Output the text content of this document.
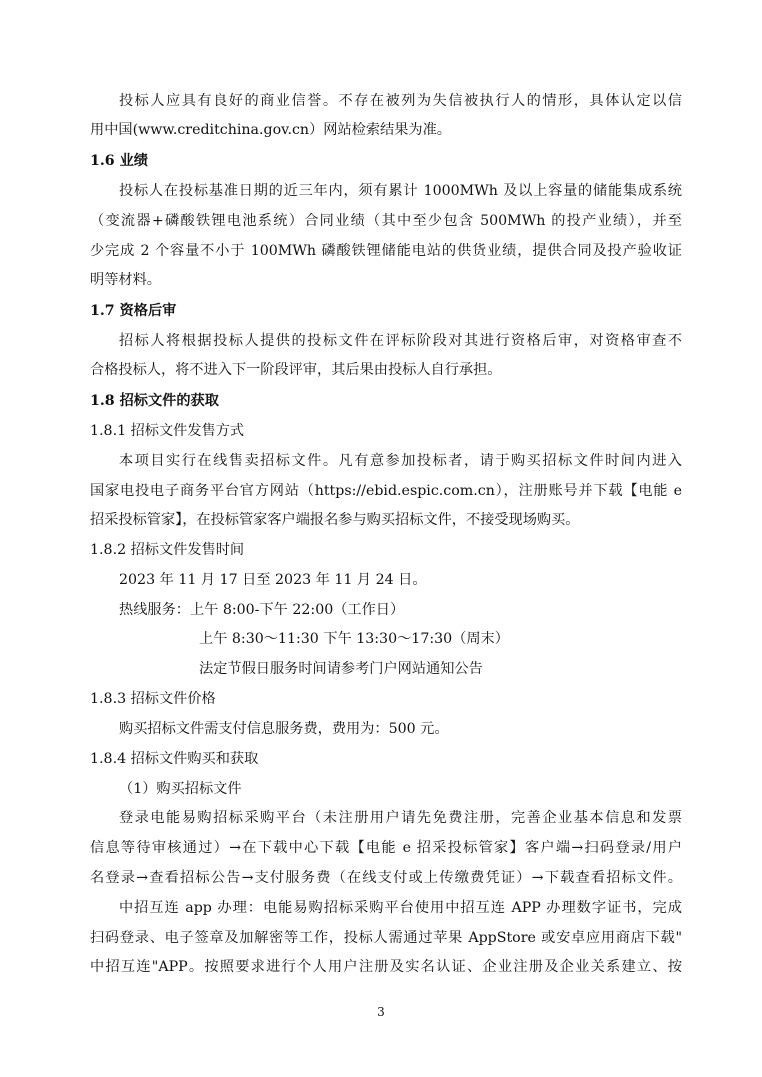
投标人应具有良好的商业信誉。不存在被列为失信被执行人的情形，具体认定以信
用中国(www.creditchina.gov.cn）网站检索结果为准。
1.6 业绩
投标人在投标基准日期的近三年内，须有累计 1000MWh 及以上容量的储能集成系统
（变流器+磷酸铁锂电池系统）合同业绩（其中至少包含 500MWh 的投产业绩），并至
少完成 2 个容量不小于 100MWh 磷酸铁锂储能电站的供货业绩，提供合同及投产验收证
明等材料。
1.7 资格后审
招标人将根据投标人提供的投标文件在评标阶段对其进行资格后审，对资格审查不
合格投标人，将不进入下一阶段评审，其后果由投标人自行承担。
1.8 招标文件的获取
1.8.1 招标文件发售方式
本项目实行在线售卖招标文件。凡有意参加投标者，请于购买招标文件时间内进入
国家电投电子商务平台官方网站（https://ebid.espic.com.cn），注册账号并下载【电能 e
招采投标管家】，在投标管家客户端报名参与购买招标文件，不接受现场购买。
1.8.2 招标文件发售时间
2023 年 11 月 17 日至 2023 年 11 月 24 日。
热线服务：上午 8:00-下午 22:00（工作日）
上午 8:30～11:30 下午 13:30～17:30（周末）
法定节假日服务时间请参考门户网站通知公告
1.8.3 招标文件价格
购买招标文件需支付信息服务费，费用为：500 元。
1.8.4 招标文件购买和获取
（1）购买招标文件
登录电能易购招标采购平台（未注册用户请先免费注册，完善企业基本信息和发票
信息等待审核通过）→在下载中心下载【电能 e 招采投标管家】客户端→扫码登录/用户
名登录→查看招标公告→支付服务费（在线支付或上传缴费凭证）→下载查看招标文件。
中招互连 app 办理：电能易购招标采购平台使用中招互连 APP 办理数字证书，完成
扫码登录、电子签章及加解密等工作，投标人需通过苹果 AppStore 或安卓应用商店下载"
中招互连"APP。按照要求进行个人用户注册及实名认证、企业注册及企业关系建立、按
3
